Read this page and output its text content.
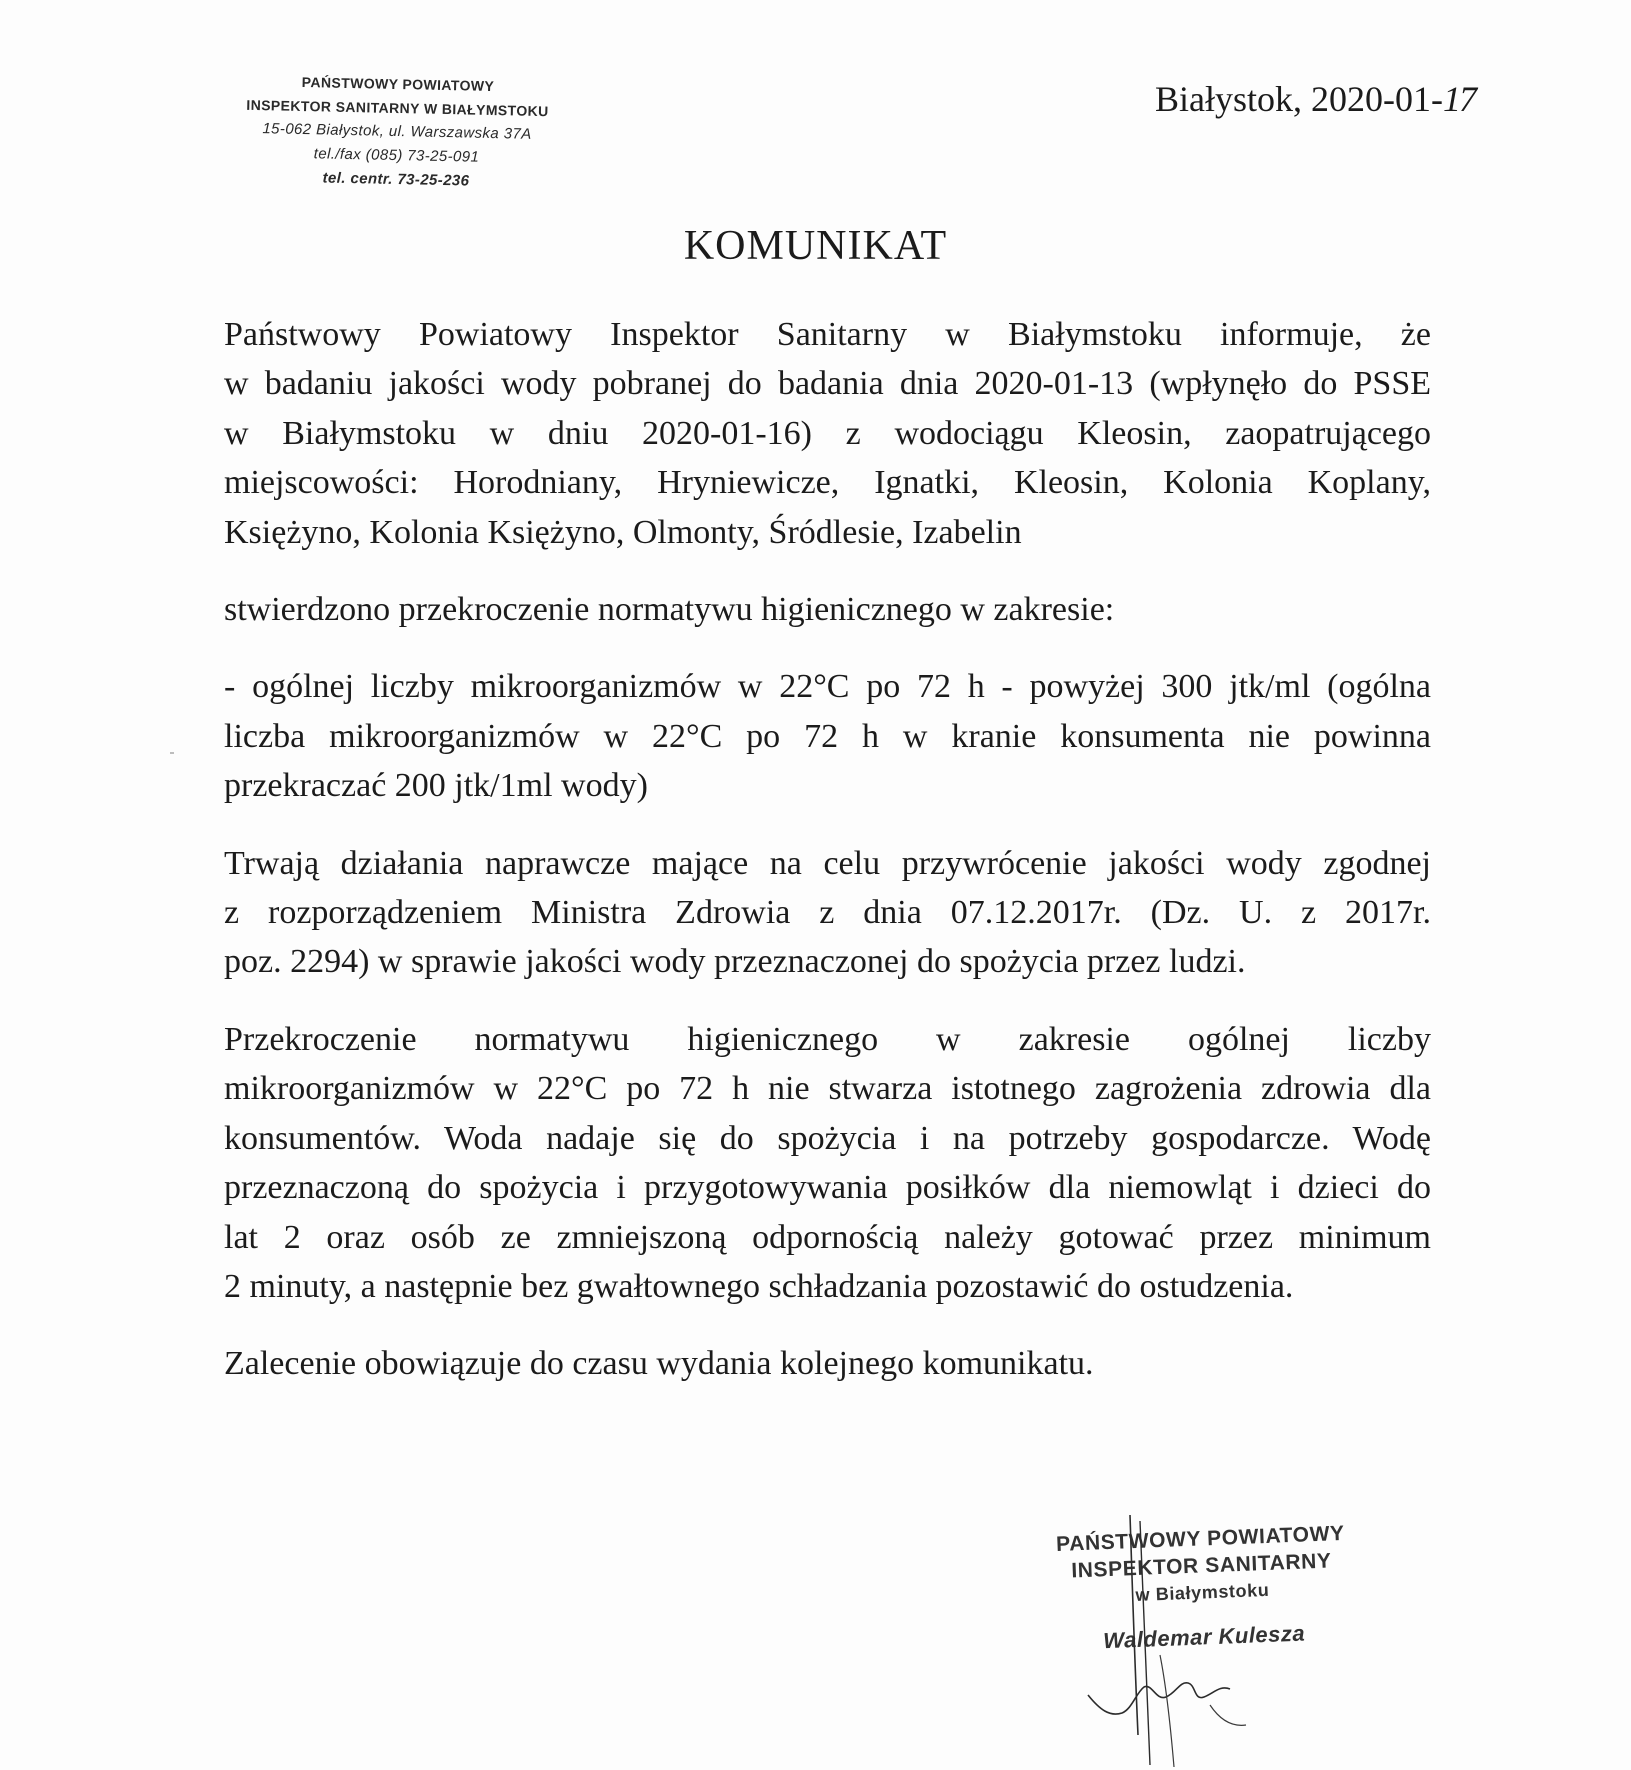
PAŃSTWOWY POWIATOWY
INSPEKTOR SANITARNY W BIAŁYMSTOKU
15-062 Białystok, ul. Warszawska 37A
tel./fax (085) 73-25-091
tel. centr. 73-25-236
Białystok, 2020-01-17
KOMUNIKAT
Państwowy Powiatowy Inspektor Sanitarny w Białymstoku informuje, że
w badaniu jakości wody pobranej do badania dnia 2020-01-13 (wpłynęło do PSSE
w Białymstoku w dniu 2020-01-16) z wodociągu Kleosin, zaopatrującego
miejscowości: Horodniany, Hryniewicze, Ignatki, Kleosin, Kolonia Koplany,
Księżyno, Kolonia Księżyno, Olmonty, Śródlesie, Izabelin
stwierdzono przekroczenie normatywu higienicznego w zakresie:
- ogólnej liczby mikroorganizmów w 22°C po 72 h - powyżej 300 jtk/ml (ogólna
liczba mikroorganizmów w 22°C po 72 h w kranie konsumenta nie powinna
przekraczać 200 jtk/1ml wody)
Trwają działania naprawcze mające na celu przywrócenie jakości wody zgodnej
z rozporządzeniem Ministra Zdrowia z dnia 07.12.2017r. (Dz. U. z 2017r.
poz. 2294) w sprawie jakości wody przeznaczonej do spożycia przez ludzi.
Przekroczenie normatywu higienicznego w zakresie ogólnej liczby
mikroorganizmów w 22°C po 72 h nie stwarza istotnego zagrożenia zdrowia dla
konsumentów. Woda nadaje się do spożycia i na potrzeby gospodarcze. Wodę
przeznaczoną do spożycia i przygotowywania posiłków dla niemowląt i dzieci do
lat 2 oraz osób ze zmniejszoną odpornością należy gotować przez minimum
2 minuty, a następnie bez gwałtownego schładzania pozostawić do ostudzenia.
Zalecenie obowiązuje do czasu wydania kolejnego komunikatu.
PAŃSTWOWY POWIATOWY
INSPEKTOR SANITARNY
w Białymstoku
Waldemar Kulesza
